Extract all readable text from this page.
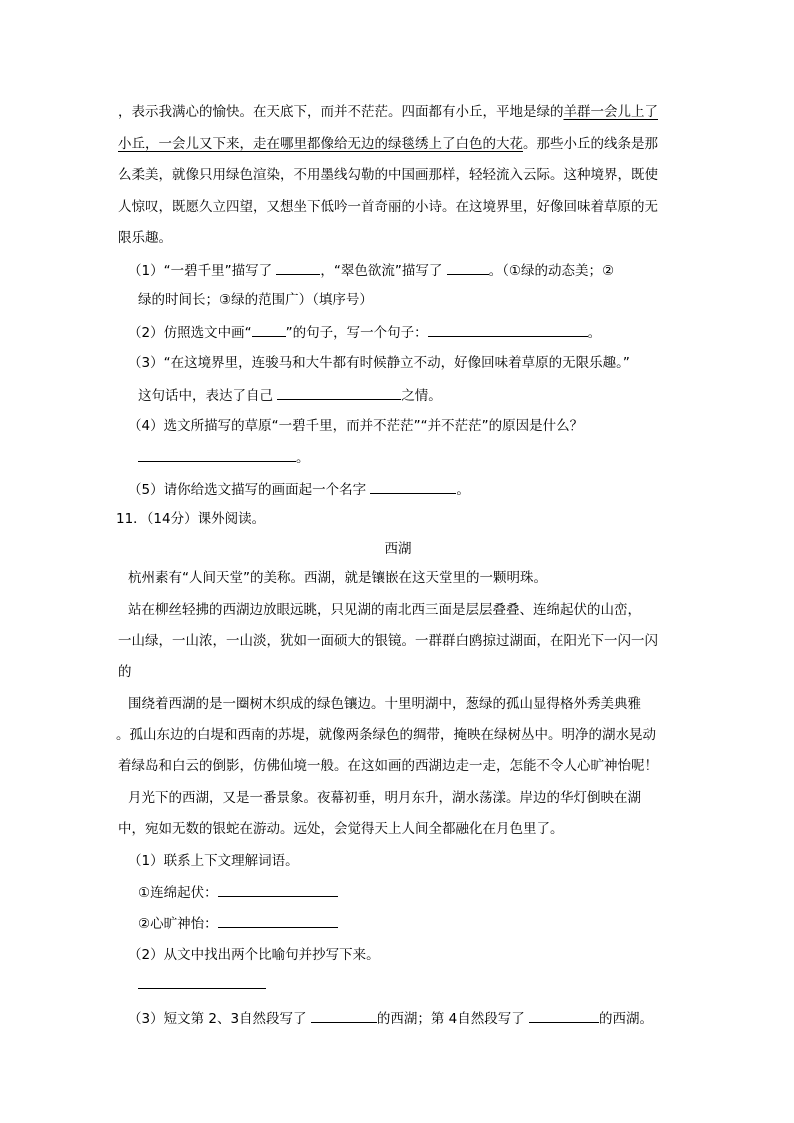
，表示我满心的愉快。在天底下，而并不茫茫。四面都有小丘，平地是绿的羊群一会儿上了
小丘，一会儿又下来，走在哪里都像给无边的绿毯绣上了白色的大花。那些小丘的线条是那
么柔美，就像只用绿色渲染，不用墨线勾勒的中国画那样，轻轻流入云际。这种境界，既使
人惊叹，既愿久立四望，又想坐下低吟一首奇丽的小诗。在这境界里，好像回味着草原的无
限乐趣。
（1）“一碧千里”描写了	，“翠色欲流”描写了	。（①绿的动态美；②
绿的时间长；③绿的范围广）（填序号）
（2）仿照选文中画“	”的句子，写一个句子：	。
（3）“在这境界里，连骏马和大牛都有时候静立不动，好像回味着草原的无限乐趣。”
这句话中，表达了自己	之情。
（4）选文所描写的草原“一碧千里，而并不茫茫”“并不茫茫”的原因是什么？
。
（5）请你给选文描写的画面起一个名字	。
11．（14分）课外阅读。
西湖
杭州素有“人间天堂”的美称。西湖，就是镶嵌在这天堂里的一颗明珠。
站在柳丝轻拂的西湖边放眼远眺，只见湖的南北西三面是层层叠叠、连绵起伏的山峦，
一山绿，一山浓，一山淡，犹如一面硕大的银镜。一群群白鸥掠过湖面，在阳光下一闪一闪
的
围绕着西湖的是一圈树木织成的绿色镶边。十里明湖中，葱绿的孤山显得格外秀美典雅
。孤山东边的白堤和西南的苏堤，就像两条绿色的绸带，掩映在绿树丛中。明净的湖水晃动
着绿岛和白云的倒影，仿佛仙境一般。在这如画的西湖边走一走，怎能不令人心旷神怡呢！
月光下的西湖，又是一番景象。夜幕初垂，明月东升，湖水荡漾。岸边的华灯倒映在湖
中，宛如无数的银蛇在游动。远处，会觉得天上人间全都融化在月色里了。
（1）联系上下文理解词语。
①连绵起伏：
②心旷神怡：
（2）从文中找出两个比喻句并抄写下来。
（3）短文第 2、3自然段写了	的西湖；第 4自然段写了	的西湖。
